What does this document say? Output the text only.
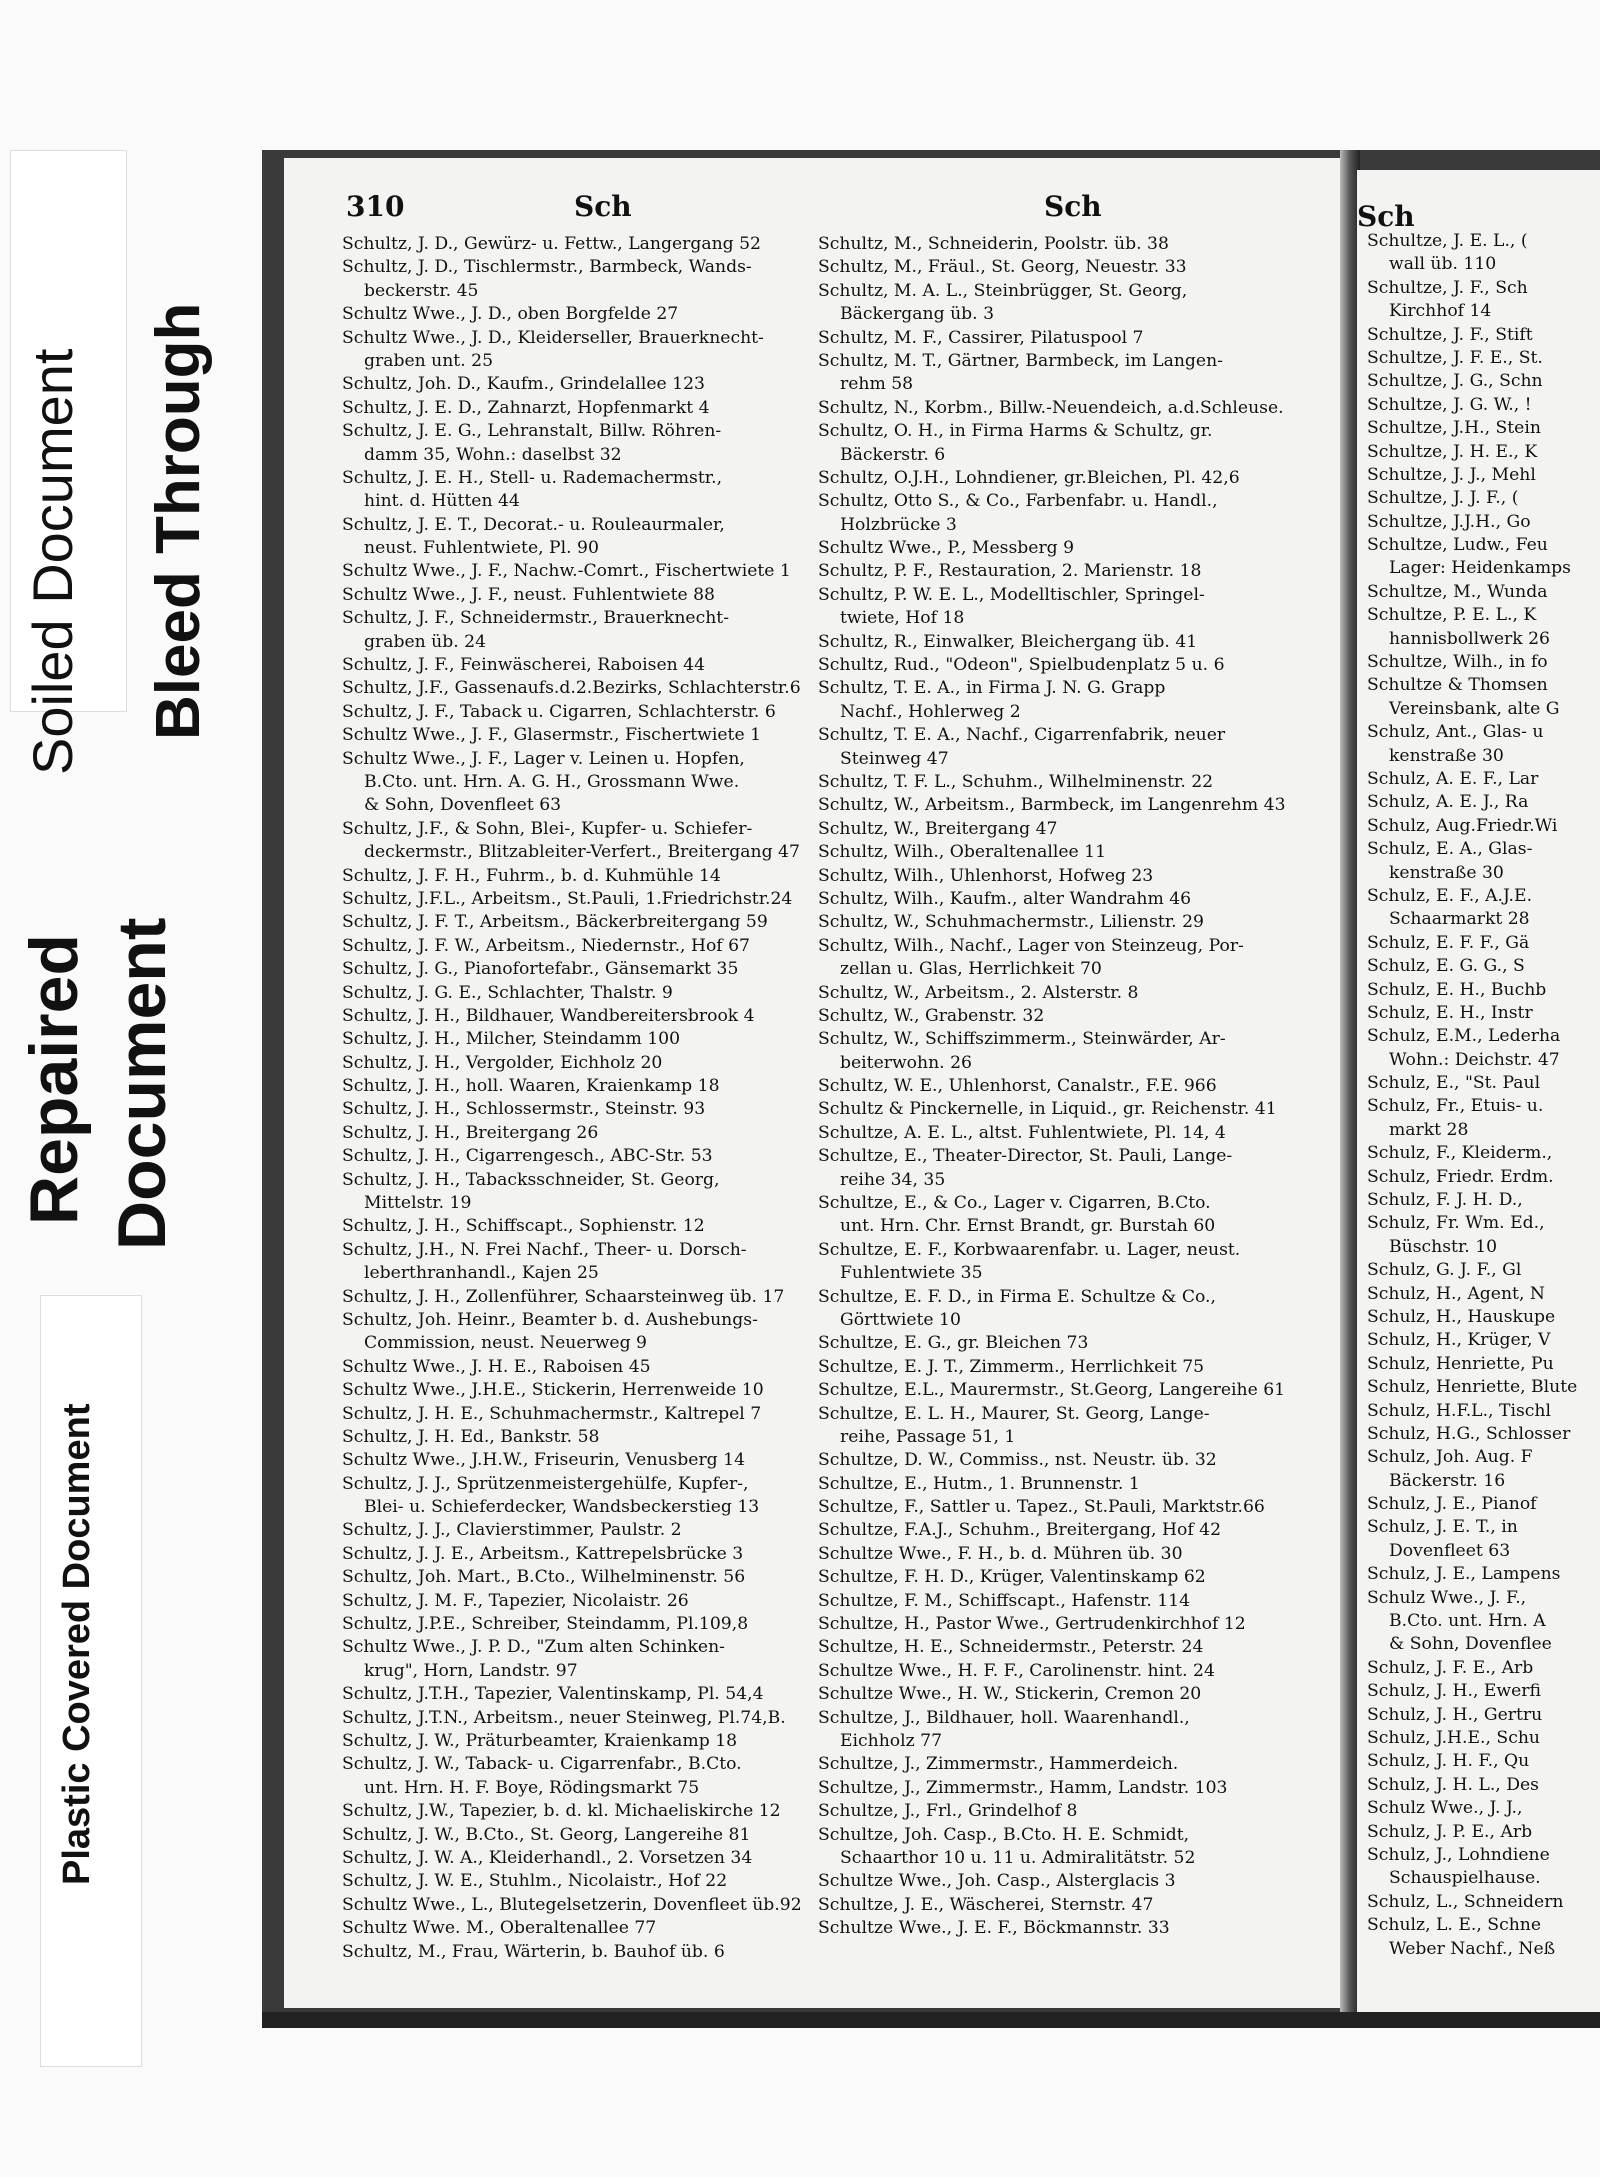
Soiled Document Bleed Through
Repaired Document
Plastic Covered Document
310	Sch	Sch
Schultz, J. D., Gewürz- u. Fettw., Langergang 52
Schultz, J. D., Tischlermstr., Barmbeck, Wands-
beckerstr. 45
Schultz Wwe., J. D., oben Borgfelde 27
Schultz Wwe., J. D., Kleiderseller, Brauerknecht-
graben unt. 25
Schultz, Joh. D., Kaufm., Grindelallee 123
Schultz, J. E. D., Zahnarzt, Hopfenmarkt 4
Schultz, J. E. G., Lehranstalt, Billw. Röhren-
damm 35, Wohn.: daselbst 32
Schultz, J. E. H., Stell- u. Rademachermstr.,
hint. d. Hütten 44
Schultz, J. E. T., Decorat.- u. Rouleaurmaler,
neust. Fuhlentwiete, Pl. 90
Schultz Wwe., J. F., Nachw.-Comrt., Fischertwiete 1
Schultz Wwe., J. F., neust. Fuhlentwiete 88
Schultz, J. F., Schneidermstr., Brauerknecht-
graben üb. 24
Schultz, J. F., Feinwäscherei, Raboisen 44
Schultz, J.F., Gassenaufs.d.2.Bezirks, Schlachterstr.6
Schultz, J. F., Taback u. Cigarren, Schlachterstr. 6
Schultz Wwe., J. F., Glasermstr., Fischertwiete 1
Schultz Wwe., J. F., Lager v. Leinen u. Hopfen,
B.Cto. unt. Hrn. A. G. H., Grossmann Wwe.
& Sohn, Dovenfleet 63
Schultz, J.F., & Sohn, Blei-, Kupfer- u. Schiefer-
deckermstr., Blitzableiter-Verfert., Breitergang 47
Schultz, J. F. H., Fuhrm., b. d. Kuhmühle 14
Schultz, J.F.L., Arbeitsm., St.Pauli, 1.Friedrichstr.24
Schultz, J. F. T., Arbeitsm., Bäckerbreitergang 59
Schultz, J. F. W., Arbeitsm., Niedernstr., Hof 67
Schultz, J. G., Pianofortefabr., Gänsemarkt 35
Schultz, J. G. E., Schlachter, Thalstr. 9
Schultz, J. H., Bildhauer, Wandbereitersbrook 4
Schultz, J. H., Milcher, Steindamm 100
Schultz, J. H., Vergolder, Eichholz 20
Schultz, J. H., holl. Waaren, Kraienkamp 18
Schultz, J. H., Schlossermstr., Steinstr. 93
Schultz, J. H., Breitergang 26
Schultz, J. H., Cigarrengesch., ABC-Str. 53
Schultz, J. H., Tabacksschneider, St. Georg,
Mittelstr. 19
Schultz, J. H., Schiffscapt., Sophienstr. 12
Schultz, J.H., N. Frei Nachf., Theer- u. Dorsch-
leberthranhandl., Kajen 25
Schultz, J. H., Zollenführer, Schaarsteinweg üb. 17
Schultz, Joh. Heinr., Beamter b. d. Aushebungs-
Commission, neust. Neuerweg 9
Schultz Wwe., J. H. E., Raboisen 45
Schultz Wwe., J.H.E., Stickerin, Herrenweide 10
Schultz, J. H. E., Schuhmachermstr., Kaltrepel 7
Schultz, J. H. Ed., Bankstr. 58
Schultz Wwe., J.H.W., Friseurin, Venusberg 14
Schultz, J. J., Sprützenmeistergehülfe, Kupfer-,
Blei- u. Schieferdecker, Wandsbeckerstieg 13
Schultz, J. J., Clavierstimmer, Paulstr. 2
Schultz, J. J. E., Arbeitsm., Kattrepelsbrücke 3
Schultz, Joh. Mart., B.Cto., Wilhelminenstr. 56
Schultz, J. M. F., Tapezier, Nicolaistr. 26
Schultz, J.P.E., Schreiber, Steindamm, Pl.109,8
Schultz Wwe., J. P. D., "Zum alten Schinken-
krug", Horn, Landstr. 97
Schultz, J.T.H., Tapezier, Valentinskamp, Pl. 54,4
Schultz, J.T.N., Arbeitsm., neuer Steinweg, Pl.74,B.
Schultz, J. W., Präturbeamter, Kraienkamp 18
Schultz, J. W., Taback- u. Cigarrenfabr., B.Cto.
unt. Hrn. H. F. Boye, Rödingsmarkt 75
Schultz, J.W., Tapezier, b. d. kl. Michaeliskirche 12
Schultz, J. W., B.Cto., St. Georg, Langereihe 81
Schultz, J. W. A., Kleiderhandl., 2. Vorsetzen 34
Schultz, J. W. E., Stuhlm., Nicolaistr., Hof 22
Schultz Wwe., L., Blutegelsetzerin, Dovenfleet üb.92
Schultz Wwe. M., Oberaltenallee 77
Schultz, M., Frau, Wärterin, b. Bauhof üb. 6
Schultz, M., Schneiderin, Poolstr. üb. 38
Schultz, M., Fräul., St. Georg, Neuestr. 33
Schultz, M. A. L., Steinbrügger, St. Georg,
Bäckergang üb. 3
Schultz, M. F., Cassirer, Pilatuspool 7
Schultz, M. T., Gärtner, Barmbeck, im Langen-
rehm 58
Schultz, N., Korbm., Billw.-Neuendeich, a.d.Schleuse.
Schultz, O. H., in Firma Harms & Schultz, gr.
Bäckerstr. 6
Schultz, O.J.H., Lohndiener, gr.Bleichen, Pl. 42,6
Schultz, Otto S., & Co., Farbenfabr. u. Handl.,
Holzbrücke 3
Schultz Wwe., P., Messberg 9
Schultz, P. F., Restauration, 2. Marienstr. 18
Schultz, P. W. E. L., Modelltischler, Springel-
twiete, Hof 18
Schultz, R., Einwalker, Bleichergang üb. 41
Schultz, Rud., "Odeon", Spielbudenplatz 5 u. 6
Schultz, T. E. A., in Firma J. N. G. Grapp
Nachf., Hohlerweg 2
Schultz, T. E. A., Nachf., Cigarrenfabrik, neuer
Steinweg 47
Schultz, T. F. L., Schuhm., Wilhelminenstr. 22
Schultz, W., Arbeitsm., Barmbeck, im Langenrehm 43
Schultz, W., Breitergang 47
Schultz, Wilh., Oberaltenallee 11
Schultz, Wilh., Uhlenhorst, Hofweg 23
Schultz, Wilh., Kaufm., alter Wandrahm 46
Schultz, W., Schuhmachermstr., Lilienstr. 29
Schultz, Wilh., Nachf., Lager von Steinzeug, Por-
zellan u. Glas, Herrlichkeit 70
Schultz, W., Arbeitsm., 2. Alsterstr. 8
Schultz, W., Grabenstr. 32
Schultz, W., Schiffszimmerm., Steinwärder, Ar-
beiterwohn. 26
Schultz, W. E., Uhlenhorst, Canalstr., F.E. 966
Schultz & Pinckernelle, in Liquid., gr. Reichenstr. 41
Schultze, A. E. L., altst. Fuhlentwiete, Pl. 14, 4
Schultze, E., Theater-Director, St. Pauli, Lange-
reihe 34, 35
Schultze, E., & Co., Lager v. Cigarren, B.Cto.
unt. Hrn. Chr. Ernst Brandt, gr. Burstah 60
Schultze, E. F., Korbwaarenfabr. u. Lager, neust.
Fuhlentwiete 35
Schultze, E. F. D., in Firma E. Schultze & Co.,
Görttwiete 10
Schultze, E. G., gr. Bleichen 73
Schultze, E. J. T., Zimmerm., Herrlichkeit 75
Schultze, E.L., Maurermstr., St.Georg, Langereihe 61
Schultze, E. L. H., Maurer, St. Georg, Lange-
reihe, Passage 51, 1
Schultze, D. W., Commiss., nst. Neustr. üb. 32
Schultze, E., Hutm., 1. Brunnenstr. 1
Schultze, F., Sattler u. Tapez., St.Pauli, Marktstr.66
Schultze, F.A.J., Schuhm., Breitergang, Hof 42
Schultze Wwe., F. H., b. d. Mühren üb. 30
Schultze, F. H. D., Krüger, Valentinskamp 62
Schultze, F. M., Schiffscapt., Hafenstr. 114
Schultze, H., Pastor Wwe., Gertrudenkirchhof 12
Schultze, H. E., Schneidermstr., Peterstr. 24
Schultze Wwe., H. F. F., Carolinenstr. hint. 24
Schultze Wwe., H. W., Stickerin, Cremon 20
Schultze, J., Bildhauer, holl. Waarenhandl.,
Eichholz 77
Schultze, J., Zimmermstr., Hammerdeich.
Schultze, J., Zimmermstr., Hamm, Landstr. 103
Schultze, J., Frl., Grindelhof 8
Schultze, Joh. Casp., B.Cto. H. E. Schmidt,
Schaarthor 10 u. 11 u. Admiralitätstr. 52
Schultze Wwe., Joh. Casp., Alsterglacis 3
Schultze, J. E., Wäscherei, Sternstr. 47
Schultze Wwe., J. E. F., Böckmannstr. 33
Sch
Schultze, J. E. L., (
wall üb. 110
Schultze, J. F., Sch
Kirchhof 14
Schultze, J. F., Stift
Schultze, J. F. E., St.
Schultze, J. G., Schn
Schultze, J. G. W., !
Schultze, J.H., Stein
Schultze, J. H. E., K
Schultze, J. J., Mehl
Schultze, J. J. F., (
Schultze, J.J.H., Go
Schultze, Ludw., Feu
Lager: Heidenkamps
Schultze, M., Wunda
Schultze, P. E. L., K
hannisbollwerk 26
Schultze, Wilh., in fo
Schultze & Thomsen
Vereinsbank, alte G
Schulz, Ant., Glas- u
kenstraße 30
Schulz, A. E. F., Lar
Schulz, A. E. J., Ra
Schulz, Aug.Friedr.Wi
Schulz, E. A., Glas-
kenstraße 30
Schulz, E. F., A.J.E.
Schaarmarkt 28
Schulz, E. F. F., Gä
Schulz, E. G. G., S
Schulz, E. H., Buchb
Schulz, E. H., Instr
Schulz, E.M., Lederha
Wohn.: Deichstr. 47
Schulz, E., "St. Paul
Schulz, Fr., Etuis- u.
markt 28
Schulz, F., Kleiderm.,
Schulz, Friedr. Erdm.
Schulz, F. J. H. D.,
Schulz, Fr. Wm. Ed.,
Büschstr. 10
Schulz, G. J. F., Gl
Schulz, H., Agent, N
Schulz, H., Hauskupe
Schulz, H., Krüger, V
Schulz, Henriette, Pu
Schulz, Henriette, Blute
Schulz, H.F.L., Tischl
Schulz, H.G., Schlosser
Schulz, Joh. Aug. F
Bäckerstr. 16
Schulz, J. E., Pianof
Schulz, J. E. T., in
Dovenfleet 63
Schulz, J. E., Lampens
Schulz Wwe., J. F.,
B.Cto. unt. Hrn. A
& Sohn, Dovenflee
Schulz, J. F. E., Arb
Schulz, J. H., Ewerfi
Schulz, J. H., Gertru
Schulz, J.H.E., Schu
Schulz, J. H. F., Qu
Schulz, J. H. L., Des
Schulz Wwe., J. J.,
Schulz, J. P. E., Arb
Schulz, J., Lohndiene
Schauspielhause.
Schulz, L., Schneidern
Schulz, L. E., Schne
Weber Nachf., Neß
